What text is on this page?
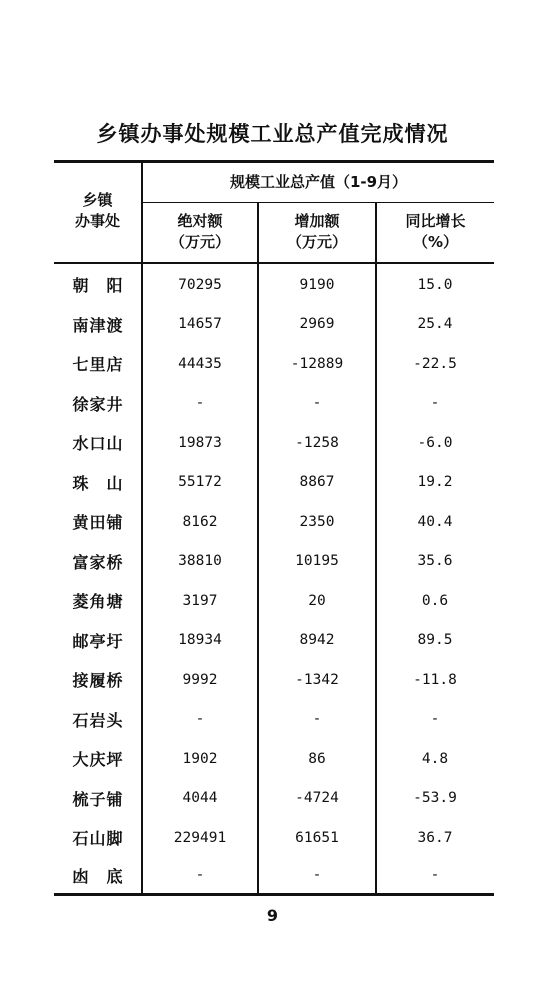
乡镇办事处规模工业总产值完成情况
乡镇
办事处
规模工业总产值（1-9月）
绝对额
（万元）
增加额
（万元）
同比增长
（%）
朝　阳	70295	9190	15.0
南津渡	14657	2969	25.4
七里店	44435	-12889	-22.5
徐家井	-	-	-
水口山	19873	-1258	-6.0
珠　山	55172	8867	19.2
黄田铺	8162	2350	40.4
富家桥	38810	10195	35.6
菱角塘	3197	20	0.6
邮亭圩	18934	8942	89.5
接履桥	9992	-1342	-11.8
石岩头	-	-	-
大庆坪	1902	86	4.8
梳子铺	4044	-4724	-53.9
石山脚	229491	61651	36.7
凼　底	-	-	-
9
